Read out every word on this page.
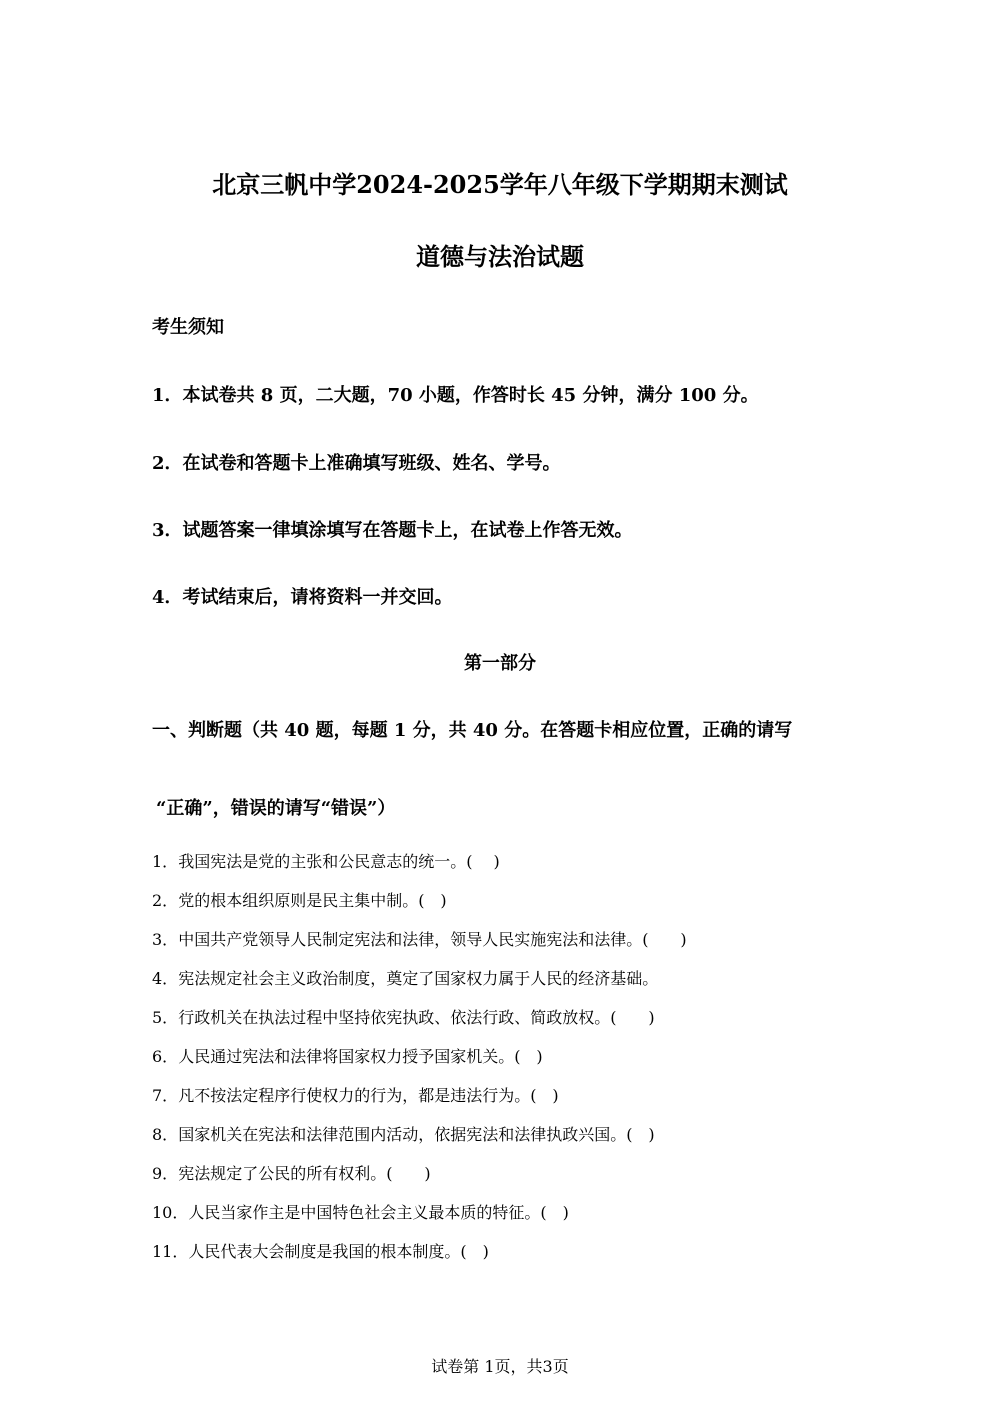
北京三帆中学2024-2025学年八年级下学期期末测试
道德与法治试题
考生须知
1．本试卷共 8 页，二大题，70 小题，作答时长 45 分钟，满分 100 分。
2．在试卷和答题卡上准确填写班级、姓名、学号。
3．试题答案一律填涂填写在答题卡上，在试卷上作答无效。
4．考试结束后，请将资料一并交回。
第一部分
一、判断题（共 40 题，每题 1 分，共 40 分。在答题卡相应位置，正确的请写
“正确”，错误的请写“错误”）
1．我国宪法是党的主张和公民意志的统一。(　 )
2．党的根本组织原则是民主集中制。(　)
3．中国共产党领导人民制定宪法和法律，领导人民实施宪法和法律。(　　)
4．宪法规定社会主义政治制度，奠定了国家权力属于人民的经济基础。
5．行政机关在执法过程中坚持依宪执政、依法行政、简政放权。(　　)
6．人民通过宪法和法律将国家权力授予国家机关。(　)
7．凡不按法定程序行使权力的行为，都是违法行为。(　)
8．国家机关在宪法和法律范围内活动，依据宪法和法律执政兴国。(　)
9．宪法规定了公民的所有权利。(　　)
10．人民当家作主是中国特色社会主义最本质的特征。(　)
11．人民代表大会制度是我国的根本制度。(　)
试卷第 1页，共3页
